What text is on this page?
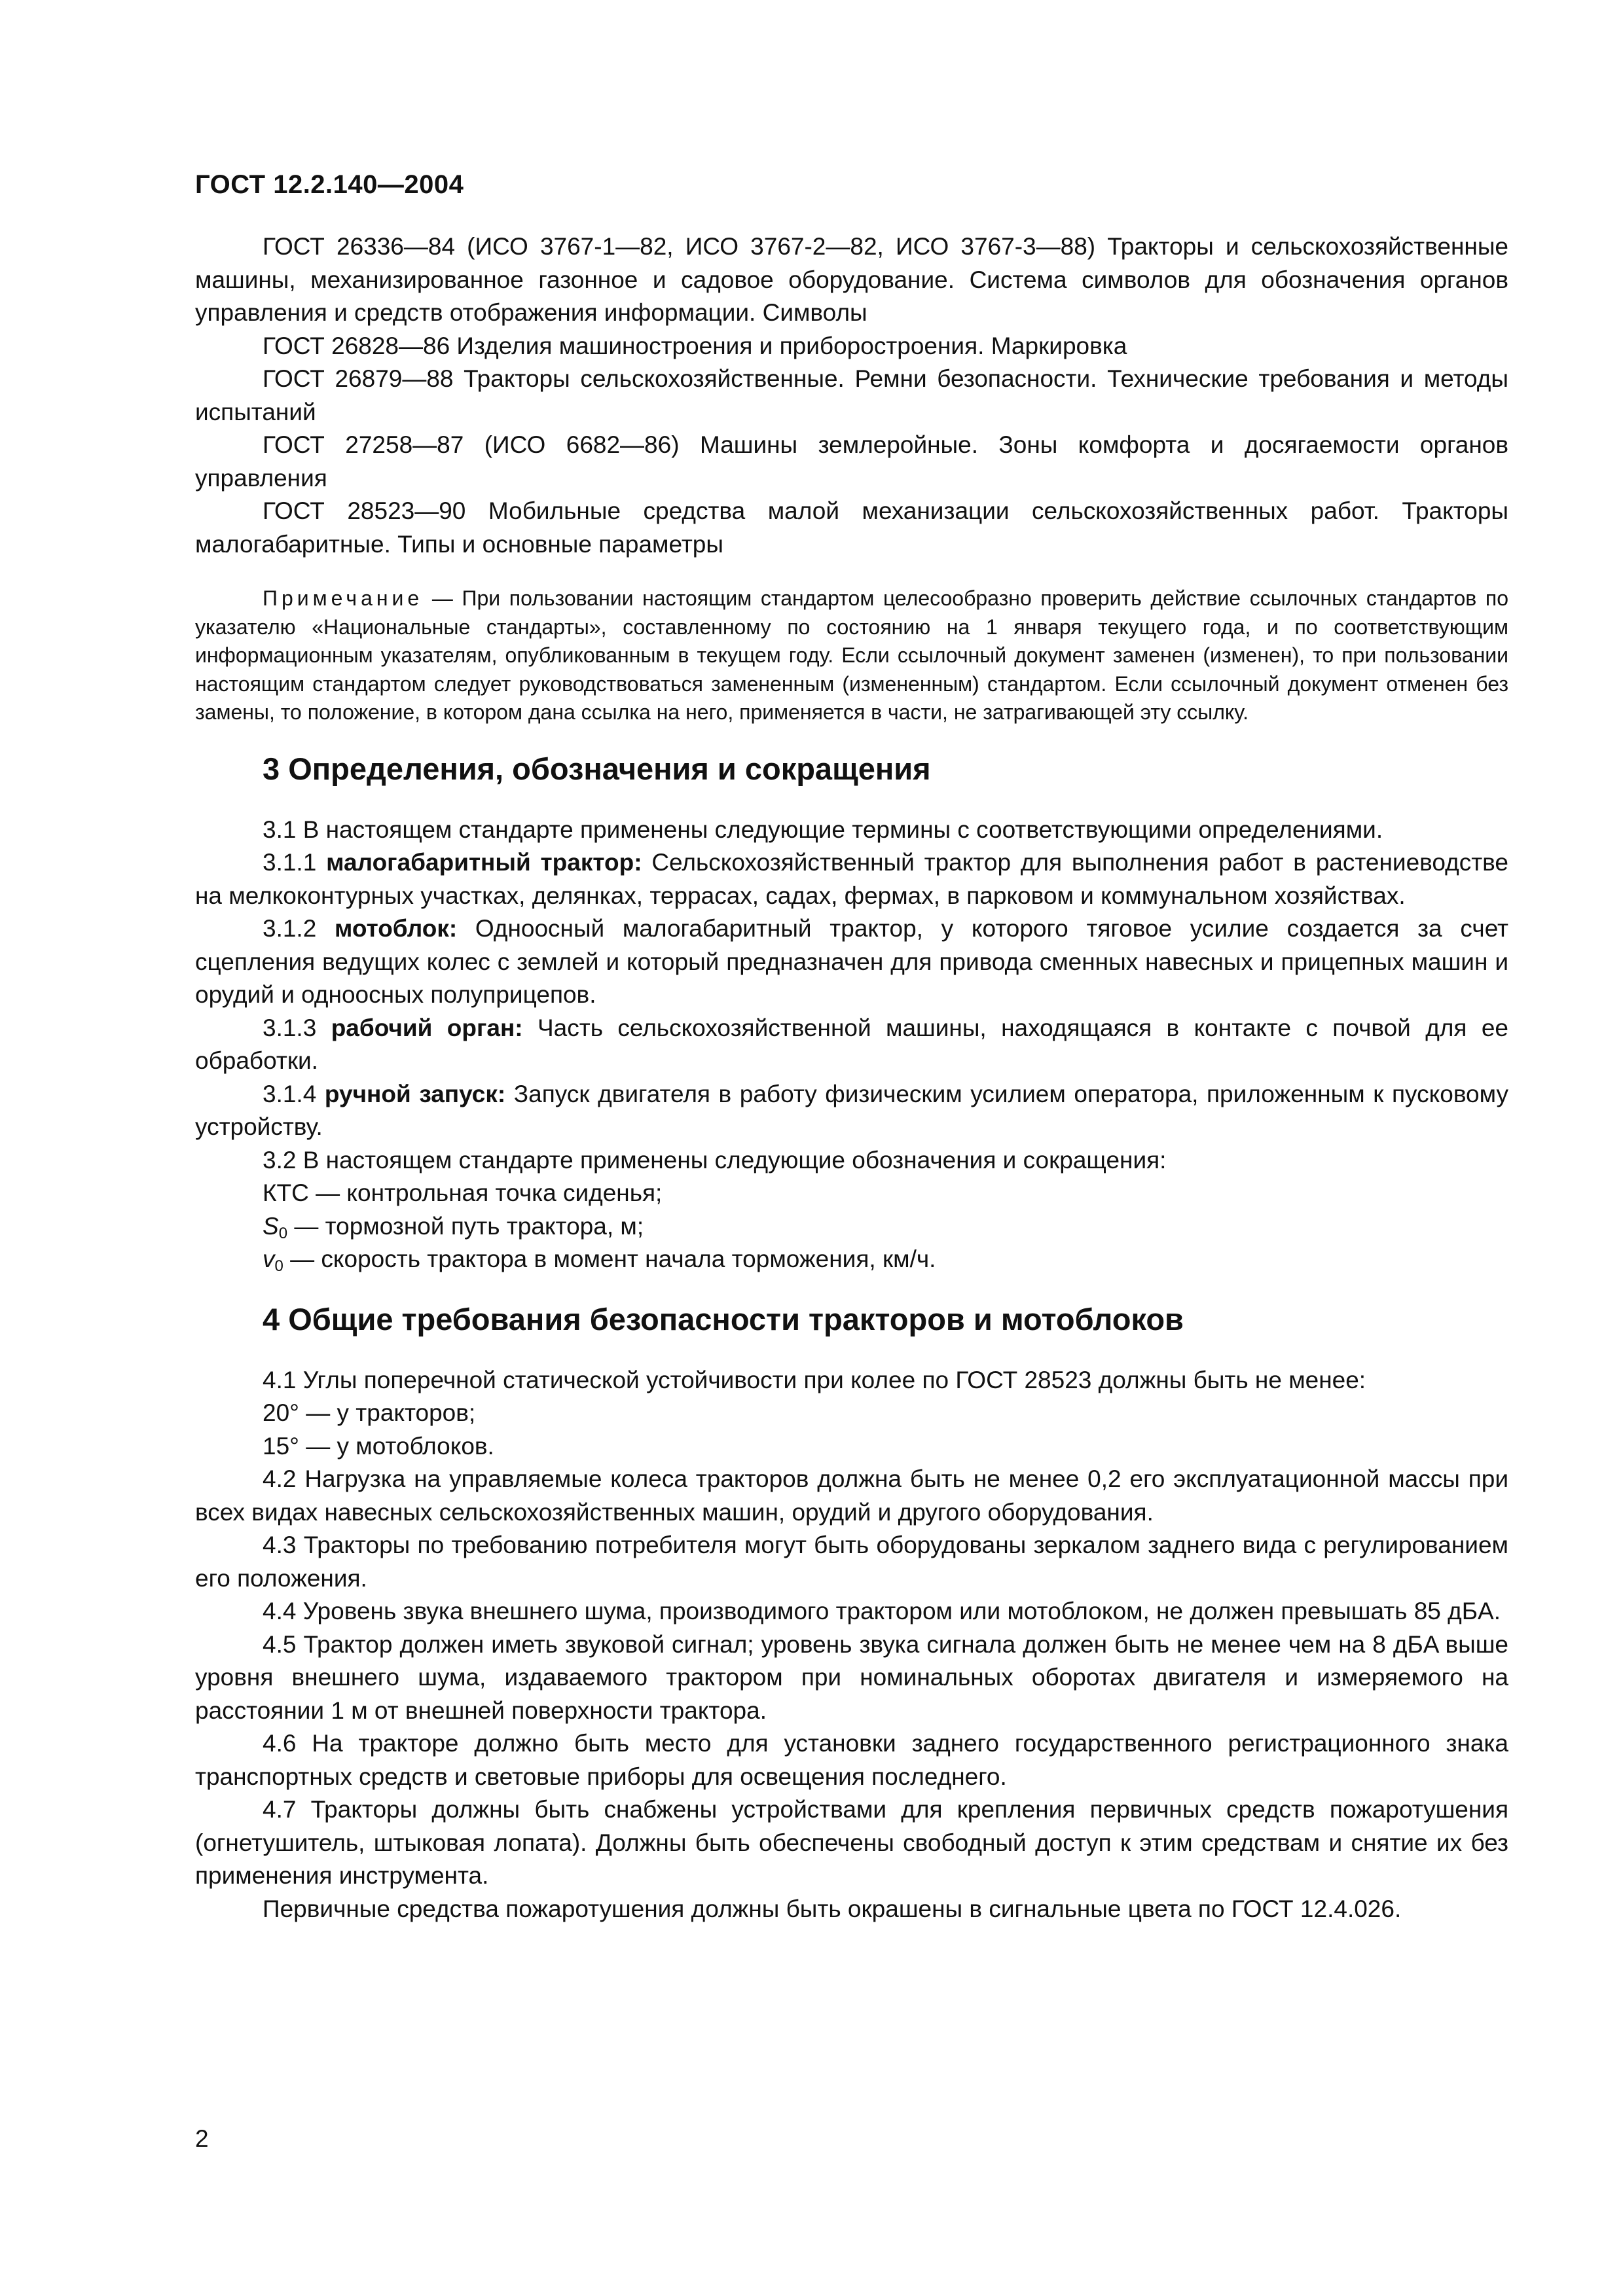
ГОСТ 12.2.140—2004

ГОСТ 26336—84 (ИСО 3767-1—82, ИСО 3767-2—82, ИСО 3767-3—88) Тракторы и сельскохозяйственные машины, механизированное газонное и садовое оборудование. Система символов для обозначения органов управления и средств отображения информации. Символы

ГОСТ 26828—86 Изделия машиностроения и приборостроения. Маркировка

ГОСТ 26879—88 Тракторы сельскохозяйственные. Ремни безопасности. Технические требования и методы испытаний

ГОСТ 27258—87 (ИСО 6682—86) Машины землеройные. Зоны комфорта и досягаемости органов управления

ГОСТ 28523—90 Мобильные средства малой механизации сельскохозяйственных работ. Тракторы малогабаритные. Типы и основные параметры

Примечание — При пользовании настоящим стандартом целесообразно проверить действие ссылочных стандартов по указателю «Национальные стандарты», составленному по состоянию на 1 января текущего года, и по соответствующим информационным указателям, опубликованным в текущем году. Если ссылочный документ заменен (изменен), то при пользовании настоящим стандартом следует руководствоваться замененным (измененным) стандартом. Если ссылочный документ отменен без замены, то положение, в котором дана ссылка на него, применяется в части, не затрагивающей эту ссылку.

3 Определения, обозначения и сокращения

3.1 В настоящем стандарте применены следующие термины с соответствующими определениями.

3.1.1 малогабаритный трактор: Сельскохозяйственный трактор для выполнения работ в растениеводстве на мелкоконтурных участках, делянках, террасах, садах, фермах, в парковом и коммунальном хозяйствах.

3.1.2 мотоблок: Одноосный малогабаритный трактор, у которого тяговое усилие создается за счет сцепления ведущих колес с землей и который предназначен для привода сменных навесных и прицепных машин и орудий и одноосных полуприцепов.

3.1.3 рабочий орган: Часть сельскохозяйственной машины, находящаяся в контакте с почвой для ее обработки.

3.1.4 ручной запуск: Запуск двигателя в работу физическим усилием оператора, приложенным к пусковому устройству.

3.2 В настоящем стандарте применены следующие обозначения и сокращения:

КТС — контрольная точка сиденья;

$S_0$ — тормозной путь трактора, м;

$v_0$ — скорость трактора в момент начала торможения, км/ч.

4 Общие требования безопасности тракторов и мотоблоков

4.1 Углы поперечной статической устойчивости при колее по ГОСТ 28523 должны быть не менее:

20° — у тракторов;

15° — у мотоблоков.

4.2 Нагрузка на управляемые колеса тракторов должна быть не менее 0,2 его эксплуатационной массы при всех видах навесных сельскохозяйственных машин, орудий и другого оборудования.

4.3 Тракторы по требованию потребителя могут быть оборудованы зеркалом заднего вида с регулированием его положения.

4.4 Уровень звука внешнего шума, производимого трактором или мотоблоком, не должен превышать 85 дБA.

4.5 Трактор должен иметь звуковой сигнал; уровень звука сигнала должен быть не менее чем на 8 дБA выше уровня внешнего шума, издаваемого трактором при номинальных оборотах двигателя и измеряемого на расстоянии 1 м от внешней поверхности трактора.

4.6 На тракторе должно быть место для установки заднего государственного регистрационного знака транспортных средств и световые приборы для освещения последнего.

4.7 Тракторы должны быть снабжены устройствами для крепления первичных средств пожаротушения (огнетушитель, штыковая лопата). Должны быть обеспечены свободный доступ к этим средствам и снятие их без применения инструмента.

Первичные средства пожаротушения должны быть окрашены в сигнальные цвета по ГОСТ 12.4.026.

2
